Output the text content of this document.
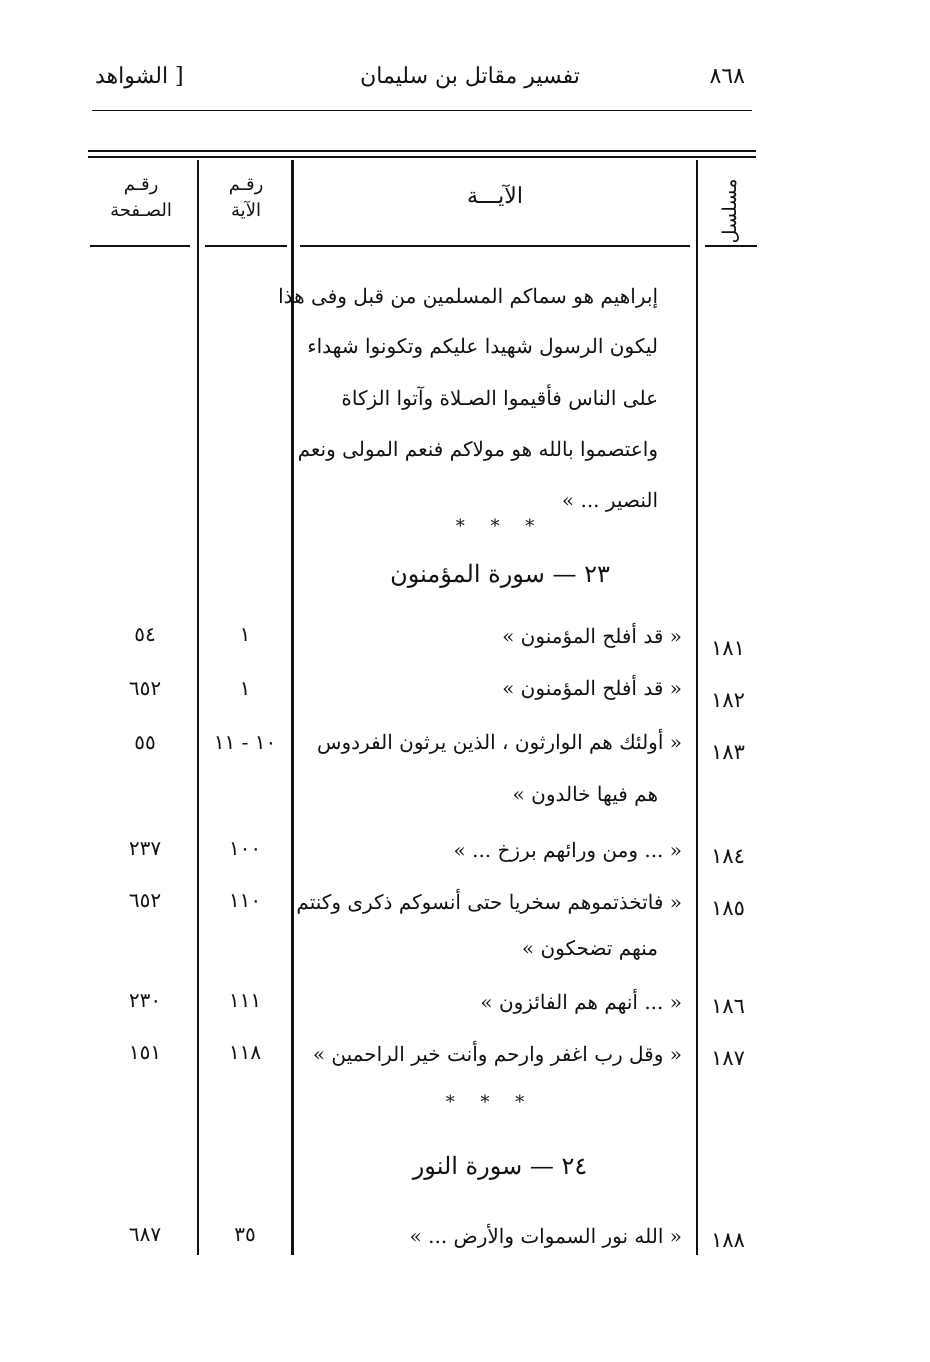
٨٦٨
تفسير مقاتل بن سليمان
[ الشواهد
مسلسل
الآيـــة
رقـم
الآية
رقـم
الصـفحة
إبراهيم هو سماكم المسلمين من قبل وفى هذا
ليكون الرسول شهيدا عليكم وتكونوا شهداء
على الناس فأقيموا الصـلاة وآتوا الزكاة
واعتصموا بالله هو مولاكم فنعم المولى ونعم
النصير ... »
* * *
٢٣ — سورة المؤمنون
١٨١
« قد أفلح المؤمنون »
١
٥٤
١٨٢
« قد أفلح المؤمنون »
١
٦٥٢
١٨٣
« أولئك هم الوارثون ، الذين يرثون الفردوس
هم فيها خالدون »
١٠ - ١١
٥٥
١٨٤
« ... ومن ورائهم برزخ ... »
١٠٠
٢٣٧
١٨٥
« فاتخذتموهم سخريا حتى أنسوكم ذكرى وكنتم
منهم تضحكون »
١١٠
٦٥٢
١٨٦
« ... أنهم هم الفائزون »
١١١
٢٣٠
١٨٧
« وقل رب اغفر وارحم وأنت خير الراحمين »
١١٨
١٥١
* * *
٢٤ — سورة النور
١٨٨
« الله نور السموات والأرض ... »
٣٥
٦٨٧
